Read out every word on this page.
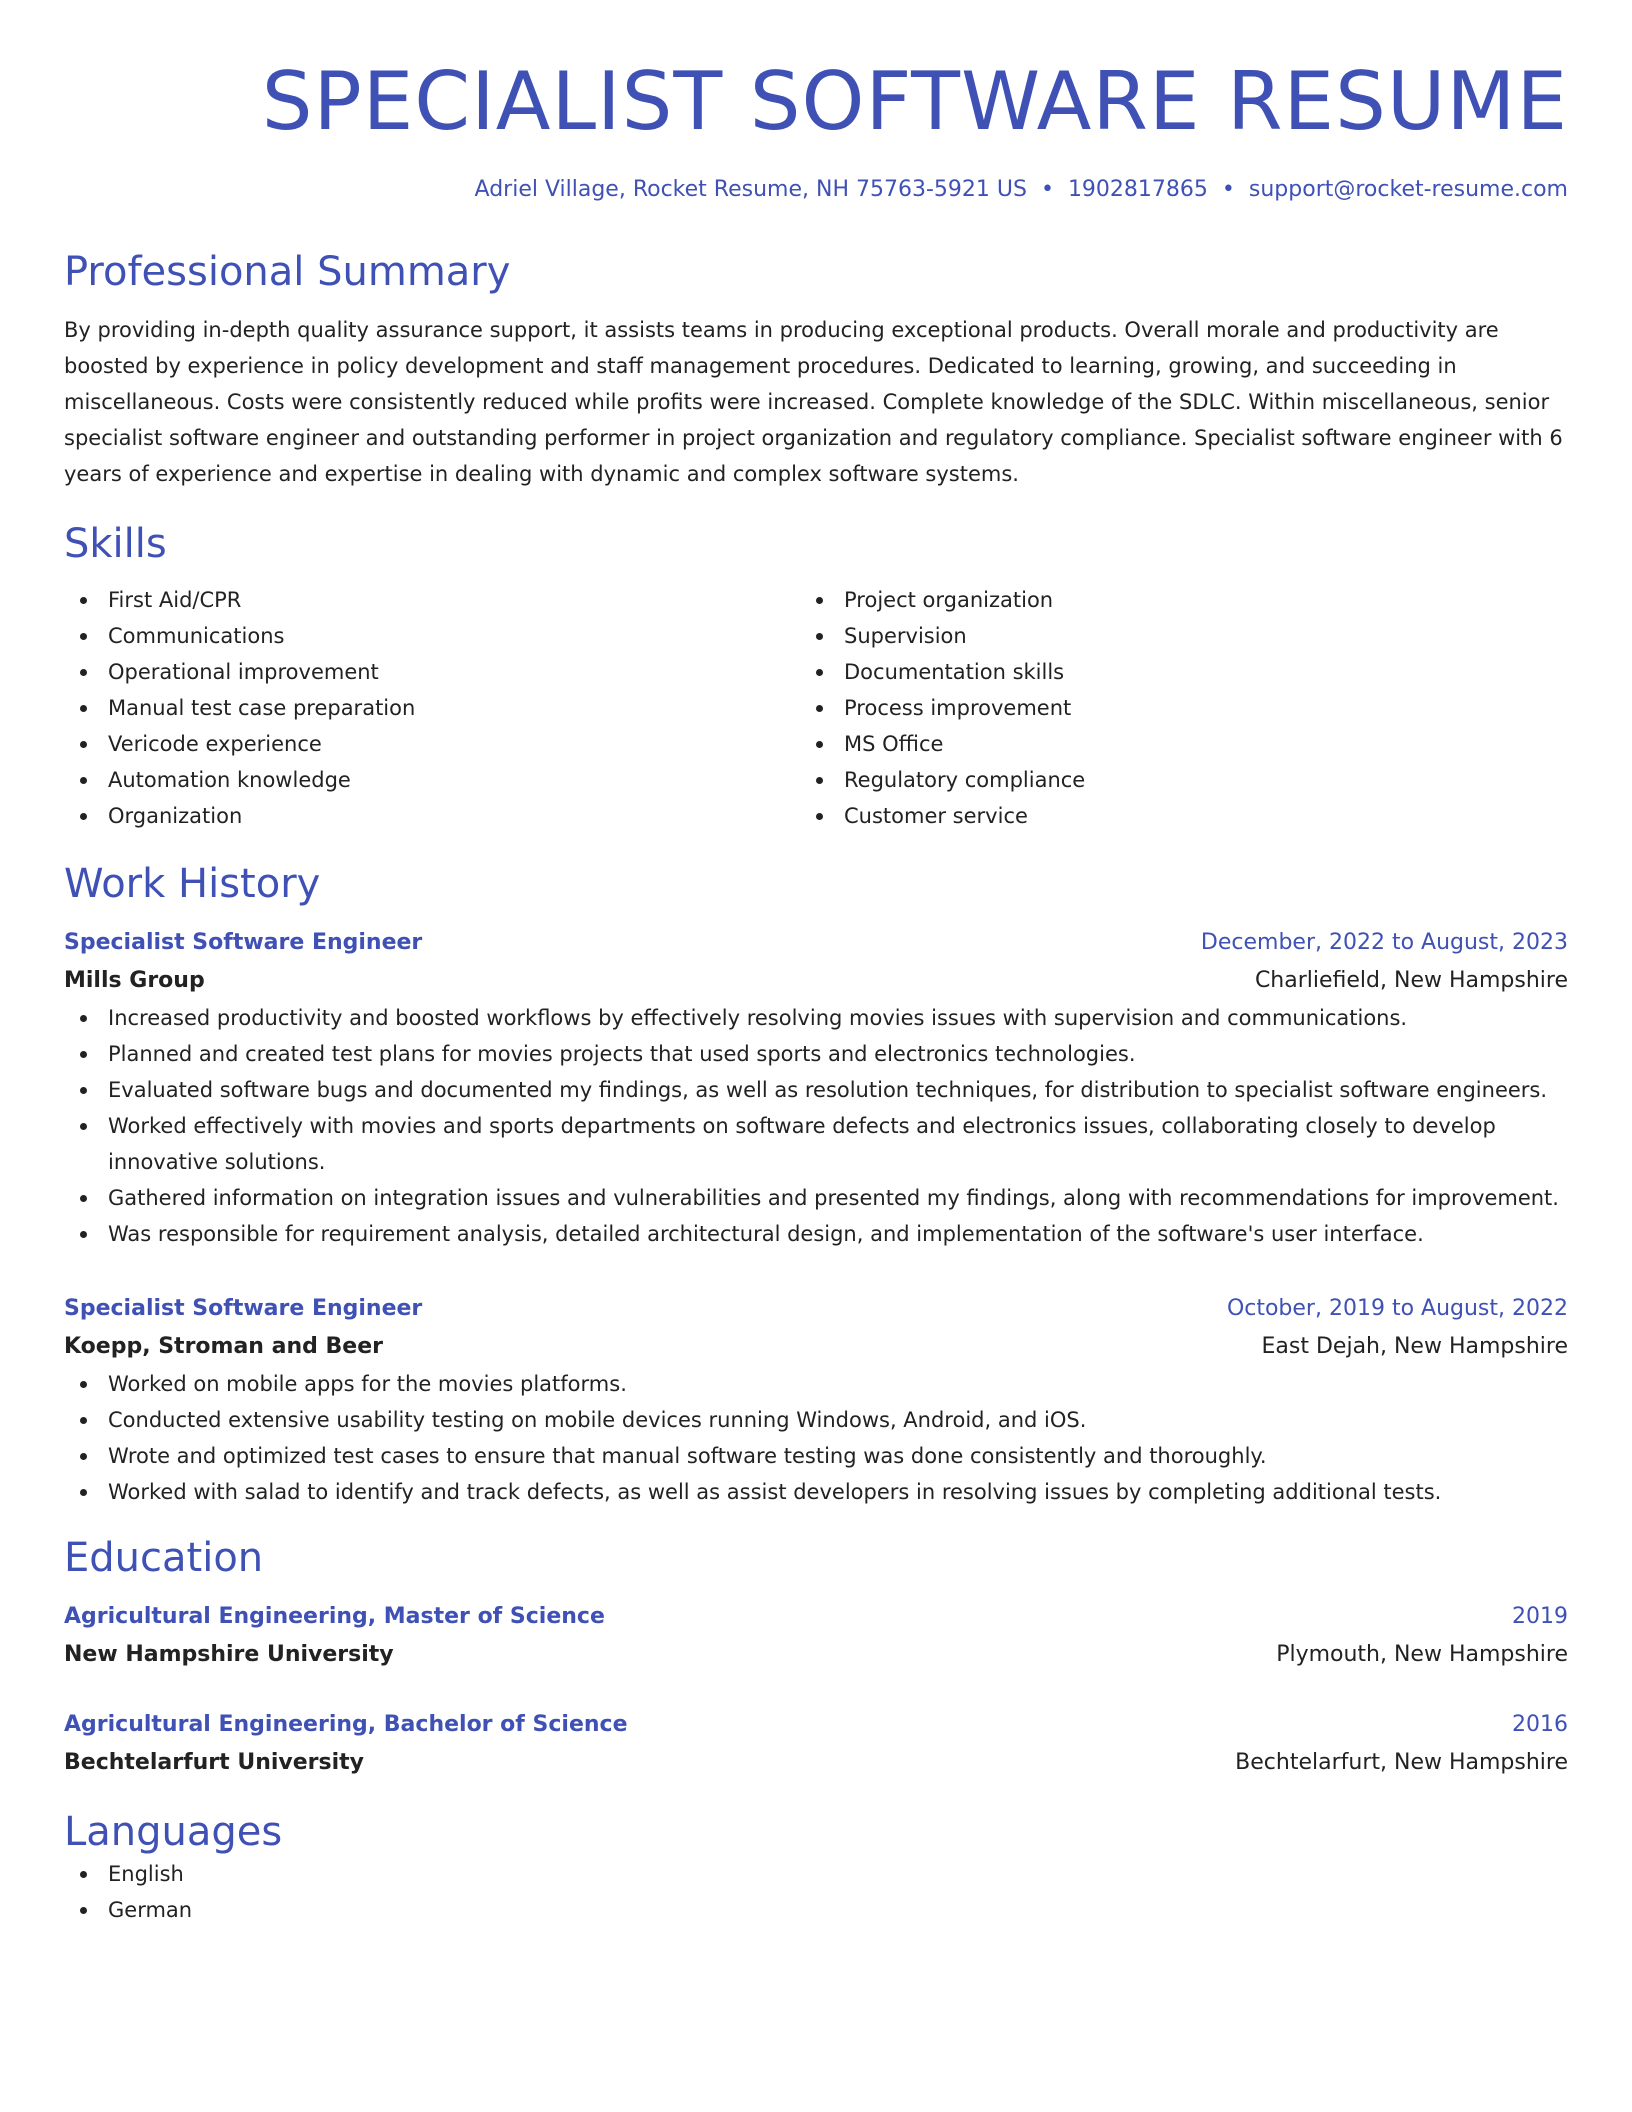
SPECIALIST SOFTWARE RESUME
Adriel Village, Rocket Resume, NH 75763-5921 US • 1902817865 • support@rocket-resume.com
Professional Summary

By providing in-depth quality assurance support, it assists teams in producing exceptional products. Overall morale and productivity are boosted by experience in policy development and staff management procedures. Dedicated to learning, growing, and succeeding in miscellaneous. Costs were consistently reduced while profits were increased. Complete knowledge of the SDLC. Within miscellaneous, senior specialist software engineer and outstanding performer in project organization and regulatory compliance. Specialist software engineer with 6 years of experience and expertise in dealing with dynamic and complex software systems.

Skills
First Aid/CPR
Communications
Operational improvement
Manual test case preparation
Vericode experience
Automation knowledge
Organization
Project organization
Supervision
Documentation skills
Process improvement
MS Office
Regulatory compliance
Customer service
Work History
Specialist Software Engineer	December, 2022 to August, 2023
Mills Group	Charliefield, New Hampshire
Increased productivity and boosted workflows by effectively resolving movies issues with supervision and communications.
Planned and created test plans for movies projects that used sports and electronics technologies.
Evaluated software bugs and documented my findings, as well as resolution techniques, for distribution to specialist software engineers.
Worked effectively with movies and sports departments on software defects and electronics issues, collaborating closely to develop innovative solutions.
Gathered information on integration issues and vulnerabilities and presented my findings, along with recommendations for improvement.
Was responsible for requirement analysis, detailed architectural design, and implementation of the software's user interface.
Specialist Software Engineer	October, 2019 to August, 2022
Koepp, Stroman and Beer	East Dejah, New Hampshire
Worked on mobile apps for the movies platforms.
Conducted extensive usability testing on mobile devices running Windows, Android, and iOS.
Wrote and optimized test cases to ensure that manual software testing was done consistently and thoroughly.
Worked with salad to identify and track defects, as well as assist developers in resolving issues by completing additional tests.
Education
Agricultural Engineering, Master of Science	2019
New Hampshire University	Plymouth, New Hampshire
Agricultural Engineering, Bachelor of Science	2016
Bechtelarfurt University	Bechtelarfurt, New Hampshire
Languages
English
German
